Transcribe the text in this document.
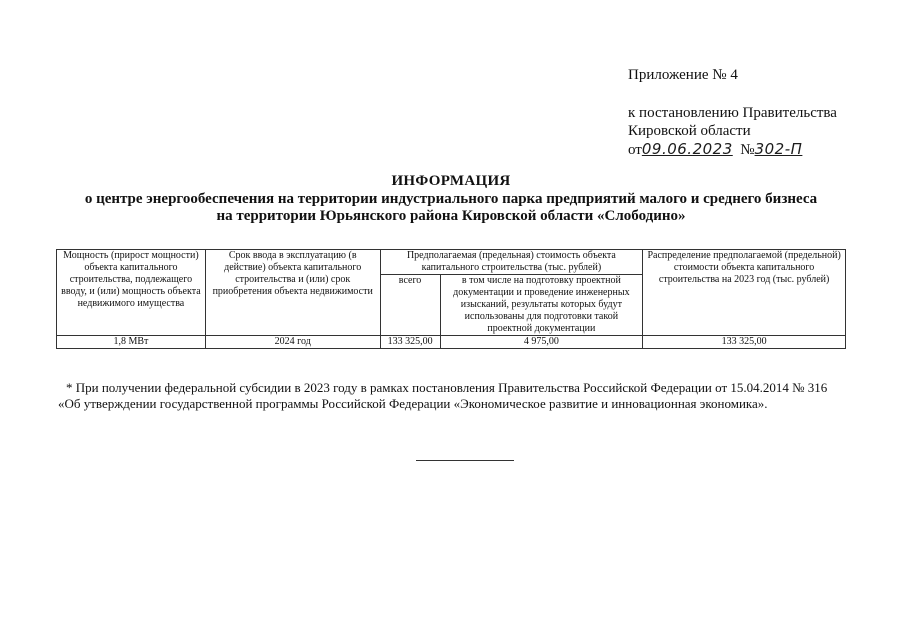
Приложение № 4
к постановлению Правительства
Кировской области
от09.06.2023 №302-П
ИНФОРМАЦИЯ
о центре энергообеспечения на территории индустриального парка предприятий малого и среднего бизнеса
на территории Юрьянского района Кировской области «Слободино»
Мощность (прирост мощности) объекта капитального строительства, подлежащего вводу, и (или) мощность объекта недвижимого имущества	Срок ввода в эксплуатацию (в действие) объекта капитального строительства и (или) срок приобретения объекта недвижимости	Предполагаемая (предельная) стоимость объекта капитального строительства (тыс. рублей)		Распределение предполагаемой (предельной) стоимости объекта капитального строительства на 2023 год (тыс. рублей)
		всего	в том числе на подготовку проектной документации и проведение инженерных изысканий, результаты которых будут использованы для подготовки такой проектной документации	
1,8 МВт	2024 год	133 325,00	4 975,00	133 325,00
* При получении федеральной субсидии в 2023 году в рамках постановления Правительства Российской Федерации от 15.04.2014 № 316
«Об утверждении государственной программы Российской Федерации «Экономическое развитие и инновационная экономика».
